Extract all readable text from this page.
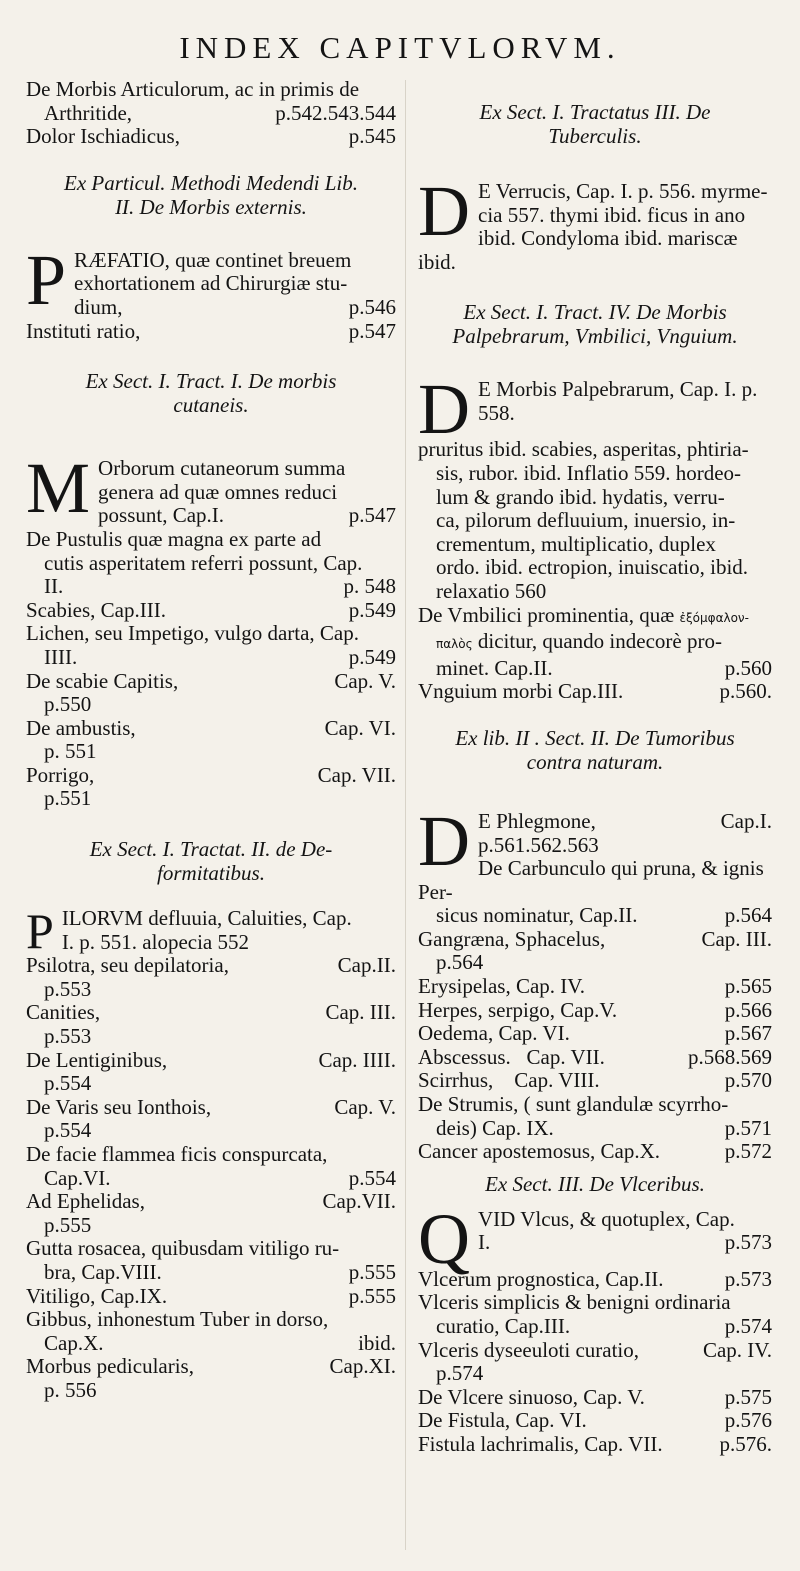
INDEX CAPITVLORVM.
De Morbis Articulorum, ac in primis de
Arthritide,	p.542.543.544
Dolor Ischiadicus,	p.545
Ex Particul. Methodi Medendi Lib.
II. De Morbis externis.
P RÆFATIO, quæ continet breuem
exhortationem ad Chirurgiæ stu-
dium,	p.546
Instituti ratio,	p.547
Ex Sect. I. Tract. I. De morbis
cutaneis.
M Orborum cutaneorum summa
genera ad quæ omnes reduci
possunt, Cap.I.	p.547
De Pustulis quæ magna ex parte ad
cutis asperitatem referri possunt, Cap.
II.	p. 548
Scabies, Cap.III.	p.549
Lichen, seu Impetigo, vulgo darta, Cap.
IIII.	p.549
De scabie Capitis,	Cap. V.
p.550
De ambustis,	Cap. VI.
p. 551
Porrigo,	Cap. VII.
p.551
Ex Sect. I. Tractat. II. de De-
formitatibus.
P ILORVM defluuia, Caluities, Cap.
I. p. 551. alopecia 552
Psilotra, seu depilatoria,	Cap.II.
p.553
Canities,	Cap. III.
p.553
De Lentiginibus,	Cap. IIII.
p.554
De Varis seu Ionthois,	Cap. V.
p.554
De facie flammea ficis conspurcata,
Cap.VI.	p.554
Ad Ephelidas,	Cap.VII.
p.555
Gutta rosacea, quibusdam vitiligo ru-
bra, Cap.VIII.	p.555
Vitiligo, Cap.IX.	p.555
Gibbus, inhonestum Tuber in dorso,
Cap.X.	ibid.
Morbus pedicularis,	Cap.XI.
p. 556
Ex Sect. I. Tractatus III. De
Tuberculis.
D E Verrucis, Cap. I. p. 556. myrme-
cia 557. thymi ibid. ficus in ano
ibid. Condyloma ibid. mariscæ ibid.
Ex Sect. I. Tract. IV. De Morbis
Palpebrarum, Vmbilici, Vnguium.
D E Morbis Palpebrarum, Cap. I. p.
558.
pruritus ibid. scabies, asperitas, phtiria-
sis, rubor. ibid. Inflatio 559. hordeo-
lum & grando ibid. hydatis, verru-
ca, pilorum defluuium, inuersio, in-
crementum, multiplicatio, duplex
ordo. ibid. ectropion, inuiscatio, ibid.
relaxatio 560
De Vmbilici prominentia, quæ ἐξόμφαλον-
παλὸς dicitur, quando indecorè pro-
minet. Cap.II.	p.560
Vnguium morbi Cap.III.	p.560.
Ex lib. II . Sect. II. De Tumoribus
contra naturam.
D E Phlegmone,	Cap.I.
p.561.562.563
De Carbunculo qui pruna, & ignis Per-
sicus nominatur, Cap.II.	p.564
Gangræna, Sphacelus,	Cap. III.
p.564
Erysipelas, Cap. IV.	p.565
Herpes, serpigo, Cap.V.	p.566
Oedema, Cap. VI.	p.567
Abscessus.   Cap. VII.	p.568.569
Scirrhus,    Cap. VIII.	p.570
De Strumis, ( sunt glandulæ scyrrho-
deis) Cap. IX.	p.571
Cancer apostemosus, Cap.X.	p.572
Ex Sect. III. De Vlceribus.
Q VID Vlcus, & quotuplex, Cap.
I.	p.573
Vlcerum prognostica, Cap.II.	p.573
Vlceris simplicis & benigni ordinaria
curatio, Cap.III.	p.574
Vlceris dyseeuloti curatio,	Cap. IV.
p.574
De Vlcere sinuoso, Cap. V.	p.575
De Fistula, Cap. VI.	p.576
Fistula lachrimalis, Cap. VII.	p.576.
